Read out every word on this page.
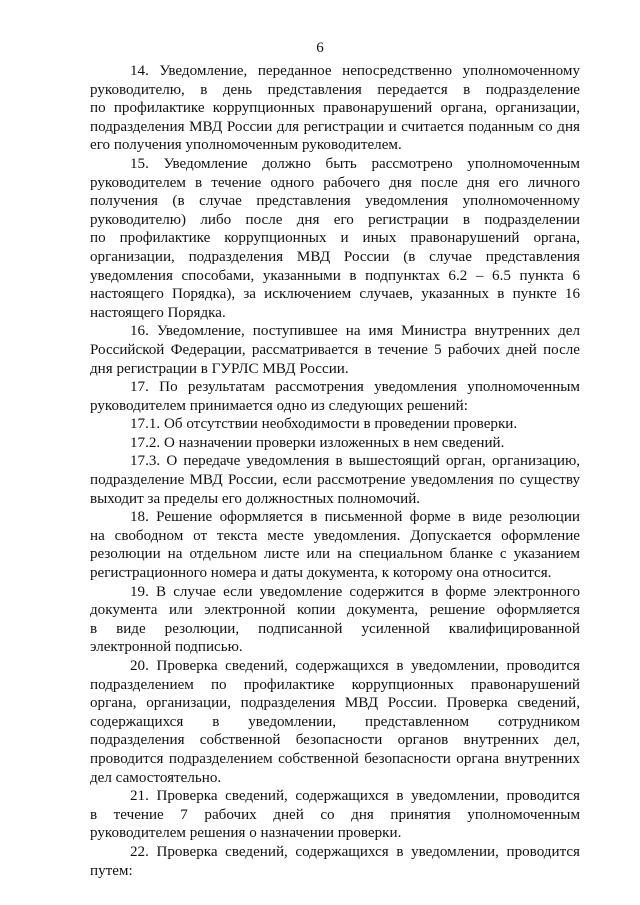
6
14. Уведомление, переданное непосредственно уполномоченному
руководителю, в день представления передается в подразделение
по профилактике коррупционных правонарушений органа, организации,
подразделения МВД России для регистрации и считается поданным со дня
его получения уполномоченным руководителем.
15. Уведомление должно быть рассмотрено уполномоченным
руководителем в течение одного рабочего дня после дня его личного
получения (в случае представления уведомления уполномоченному
руководителю) либо после дня его регистрации в подразделении
по профилактике коррупционных и иных правонарушений органа,
организации, подразделения МВД России (в случае представления
уведомления способами, указанными в подпунктах 6.2 – 6.5 пункта 6
настоящего Порядка), за исключением случаев, указанных в пункте 16
настоящего Порядка.
16. Уведомление, поступившее на имя Министра внутренних дел
Российской Федерации, рассматривается в течение 5 рабочих дней после
дня регистрации в ГУРЛС МВД России.
17. По результатам рассмотрения уведомления уполномоченным
руководителем принимается одно из следующих решений:
17.1. Об отсутствии необходимости в проведении проверки.
17.2. О назначении проверки изложенных в нем сведений.
17.3. О передаче уведомления в вышестоящий орган, организацию,
подразделение МВД России, если рассмотрение уведомления по существу
выходит за пределы его должностных полномочий.
18. Решение оформляется в письменной форме в виде резолюции
на свободном от текста месте уведомления. Допускается оформление
резолюции на отдельном листе или на специальном бланке с указанием
регистрационного номера и даты документа, к которому она относится.
19. В случае если уведомление содержится в форме электронного
документа или электронной копии документа, решение оформляется
в виде резолюции, подписанной усиленной квалифицированной
электронной подписью.
20. Проверка сведений, содержащихся в уведомлении, проводится
подразделением по профилактике коррупционных правонарушений
органа, организации, подразделения МВД России. Проверка сведений,
содержащихся в уведомлении, представленном сотрудником
подразделения собственной безопасности органов внутренних дел,
проводится подразделением собственной безопасности органа внутренних
дел самостоятельно.
21. Проверка сведений, содержащихся в уведомлении, проводится
в течение 7 рабочих дней со дня принятия уполномоченным
руководителем решения о назначении проверки.
22. Проверка сведений, содержащихся в уведомлении, проводится
путем:
